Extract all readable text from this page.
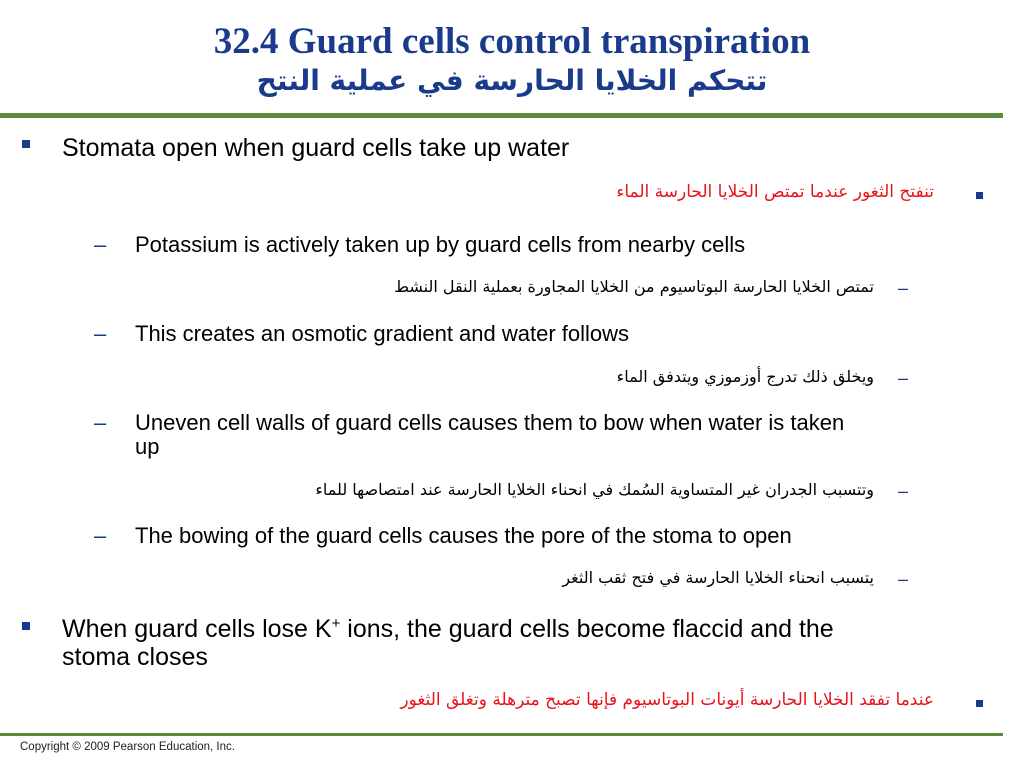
32.4 Guard cells control transpiration
تتحكم الخلايا الحارسة في عملية النتح
Stomata open when guard cells take up water
تنفتح الثغور عندما تمتص الخلايا الحارسة الماء
– Potassium is actively taken up by guard cells from nearby cells
–
تمتص الخلايا الحارسة البوتاسيوم من الخلايا المجاورة بعملية النقل النشط
– This creates an osmotic gradient and water follows
–
ويخلق ذلك تدرج أوزموزي ويتدفق الماء
– Uneven cell walls of guard cells causes them to bow when water is taken
up
–
وتتسبب الجدران غير المتساوية السُمك في انحناء الخلايا الحارسة عند امتصاصها للماء
– The bowing of the guard cells causes the pore of the stoma to open
–
يتسبب انحناء الخلايا الحارسة في فتح ثقب الثغر
When guard cells lose K+ ions, the guard cells become flaccid and the
stoma closes
عندما تفقد الخلايا الحارسة أيونات البوتاسيوم فإنها تصبح مترهلة وتغلق الثغور
Copyright © 2009 Pearson Education, Inc.
